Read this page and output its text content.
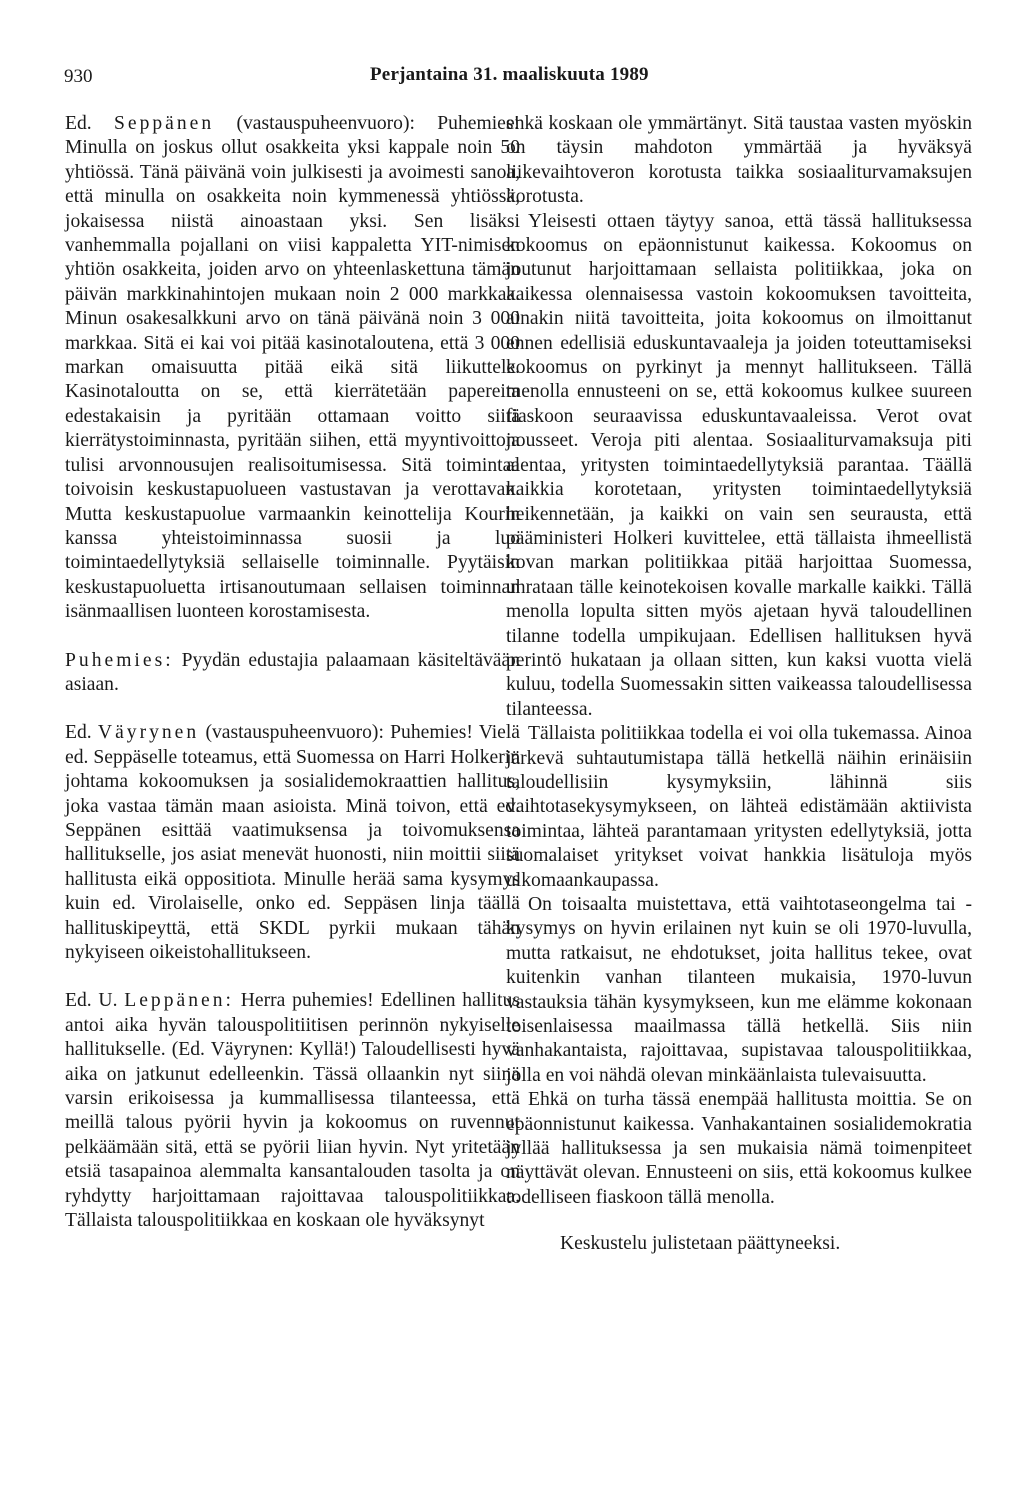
930	Perjantaina 31. maaliskuuta 1989

Ed. Seppänen (vastauspuheenvuoro): Puhemies! Minulla on joskus ollut osakkeita yksi kappale noin 50 yhtiössä. Tänä päivänä voin julkisesti ja avoimesti sanoa, että minulla on osakkeita noin kymmenessä yhtiössä, jokaisessa niistä ainoastaan yksi. Sen lisäksi vanhemmalla pojallani on viisi kappaletta YIT-nimisen yhtiön osakkeita, joiden arvo on yhteenlaskettuna tämän päivän markkinahintojen mukaan noin 2 000 markkaa. Minun osakesalkkuni arvo on tänä päivänä noin 3 000 markkaa. Sitä ei kai voi pitää kasinotaloutena, että 3 000 markan omaisuutta pitää eikä sitä liikuttele. Kasinotaloutta on se, että kierrätetään papereita edestakaisin ja pyritään ottamaan voitto siitä kierrätystoiminnasta, pyritään siihen, että myyntivoittoja tulisi arvonnousujen realisoitumisessa. Sitä toimintaa toivoisin keskustapuolueen vastustavan ja verottavan. Mutta keskustapuolue varmaankin keinottelija Kourin kanssa yhteistoiminnassa suosii ja luo toimintaedellytyksiä sellaiselle toiminnalle. Pyytäisin keskustapuoluetta irtisanoutumaan sellaisen toiminnan isänmaallisen luonteen korostamisesta.

Puhemies: Pyydän edustajia palaamaan käsiteltävään asiaan.

Ed. Väyrynen (vastauspuheenvuoro): Puhemies! Vielä ed. Seppäselle toteamus, että Suomessa on Harri Holkerin johtama kokoomuksen ja sosialidemokraattien hallitus, joka vastaa tämän maan asioista. Minä toivon, että ed. Seppänen esittää vaatimuksensa ja toivomuksensa hallitukselle, jos asiat menevät huonosti, niin moittii siitä hallitusta eikä oppositiota. Minulle herää sama kysymys kuin ed. Virolaiselle, onko ed. Seppäsen linja täällä hallituskipeyttä, että SKDL pyrkii mukaan tähän nykyiseen oikeistohallitukseen.

Ed. U. Leppänen: Herra puhemies! Edellinen hallitus antoi aika hyvän talouspolitiitisen perinnön nykyiselle hallitukselle. (Ed. Väyrynen: Kyllä!) Taloudellisesti hyvä aika on jatkunut edelleenkin. Tässä ollaankin nyt siinä varsin erikoisessa ja kummallisessa tilanteessa, että meillä talous pyörii hyvin ja kokoomus on ruvennut pelkäämään sitä, että se pyörii liian hyvin. Nyt yritetään etsiä tasapainoa alemmalta kansantalouden tasolta ja on ryhdytty harjoittamaan rajoittavaa talouspolitiikkaa. Tällaista talouspolitiikkaa en koskaan ole hyväksynyt

enkä koskaan ole ymmärtänyt. Sitä taustaa vasten myöskin on täysin mahdoton ymmärtää ja hyväksyä liikevaihtoveron korotusta taikka sosiaaliturvamaksujen korotusta.

Yleisesti ottaen täytyy sanoa, että tässä hallituksessa kokoomus on epäonnistunut kaikessa. Kokoomus on joutunut harjoittamaan sellaista politiikkaa, joka on kaikessa olennaisessa vastoin kokoomuksen tavoitteita, ainakin niitä tavoitteita, joita kokoomus on ilmoittanut ennen edellisiä eduskuntavaaleja ja joiden toteuttamiseksi kokoomus on pyrkinyt ja mennyt hallitukseen. Tällä menolla ennusteeni on se, että kokoomus kulkee suureen fiaskoon seuraavissa eduskuntavaaleissa. Verot ovat nousseet. Veroja piti alentaa. Sosiaaliturvamaksuja piti alentaa, yritysten toimintaedellytyksiä parantaa. Täällä kaikkia korotetaan, yritysten toimintaedellytyksiä heikennetään, ja kaikki on vain sen seurausta, että pääministeri Holkeri kuvittelee, että tällaista ihmeellistä kovan markan politiikkaa pitää harjoittaa Suomessa, uhrataan tälle keinotekoisen kovalle markalle kaikki. Tällä menolla lopulta sitten myös ajetaan hyvä taloudellinen tilanne todella umpikujaan. Edellisen hallituksen hyvä perintö hukataan ja ollaan sitten, kun kaksi vuotta vielä kuluu, todella Suomessakin sitten vaikeassa taloudellisessa tilanteessa.

Tällaista politiikkaa todella ei voi olla tukemassa. Ainoa järkevä suhtautumistapa tällä hetkellä näihin erinäisiin taloudellisiin kysymyksiin, lähinnä siis vaihtotasekysymykseen, on lähteä edistämään aktiivista toimintaa, lähteä parantamaan yritysten edellytyksiä, jotta suomalaiset yritykset voivat hankkia lisätuloja myös ulkomaankaupassa.

On toisaalta muistettava, että vaihtotaseongelma tai -kysymys on hyvin erilainen nyt kuin se oli 1970-luvulla, mutta ratkaisut, ne ehdotukset, joita hallitus tekee, ovat kuitenkin vanhan tilanteen mukaisia, 1970-luvun vastauksia tähän kysymykseen, kun me elämme kokonaan toisenlaisessa maailmassa tällä hetkellä. Siis niin vanhakantaista, rajoittavaa, supistavaa talouspolitiikkaa, jolla en voi nähdä olevan minkäänlaista tulevaisuutta.

Ehkä on turha tässä enempää hallitusta moittia. Se on epäonnistunut kaikessa. Vanhakantainen sosialidemokratia jyllää hallituksessa ja sen mukaisia nämä toimenpiteet näyttävät olevan. Ennusteeni on siis, että kokoomus kulkee todelliseen fiaskoon tällä menolla.

Keskustelu julistetaan päättyneeksi.
